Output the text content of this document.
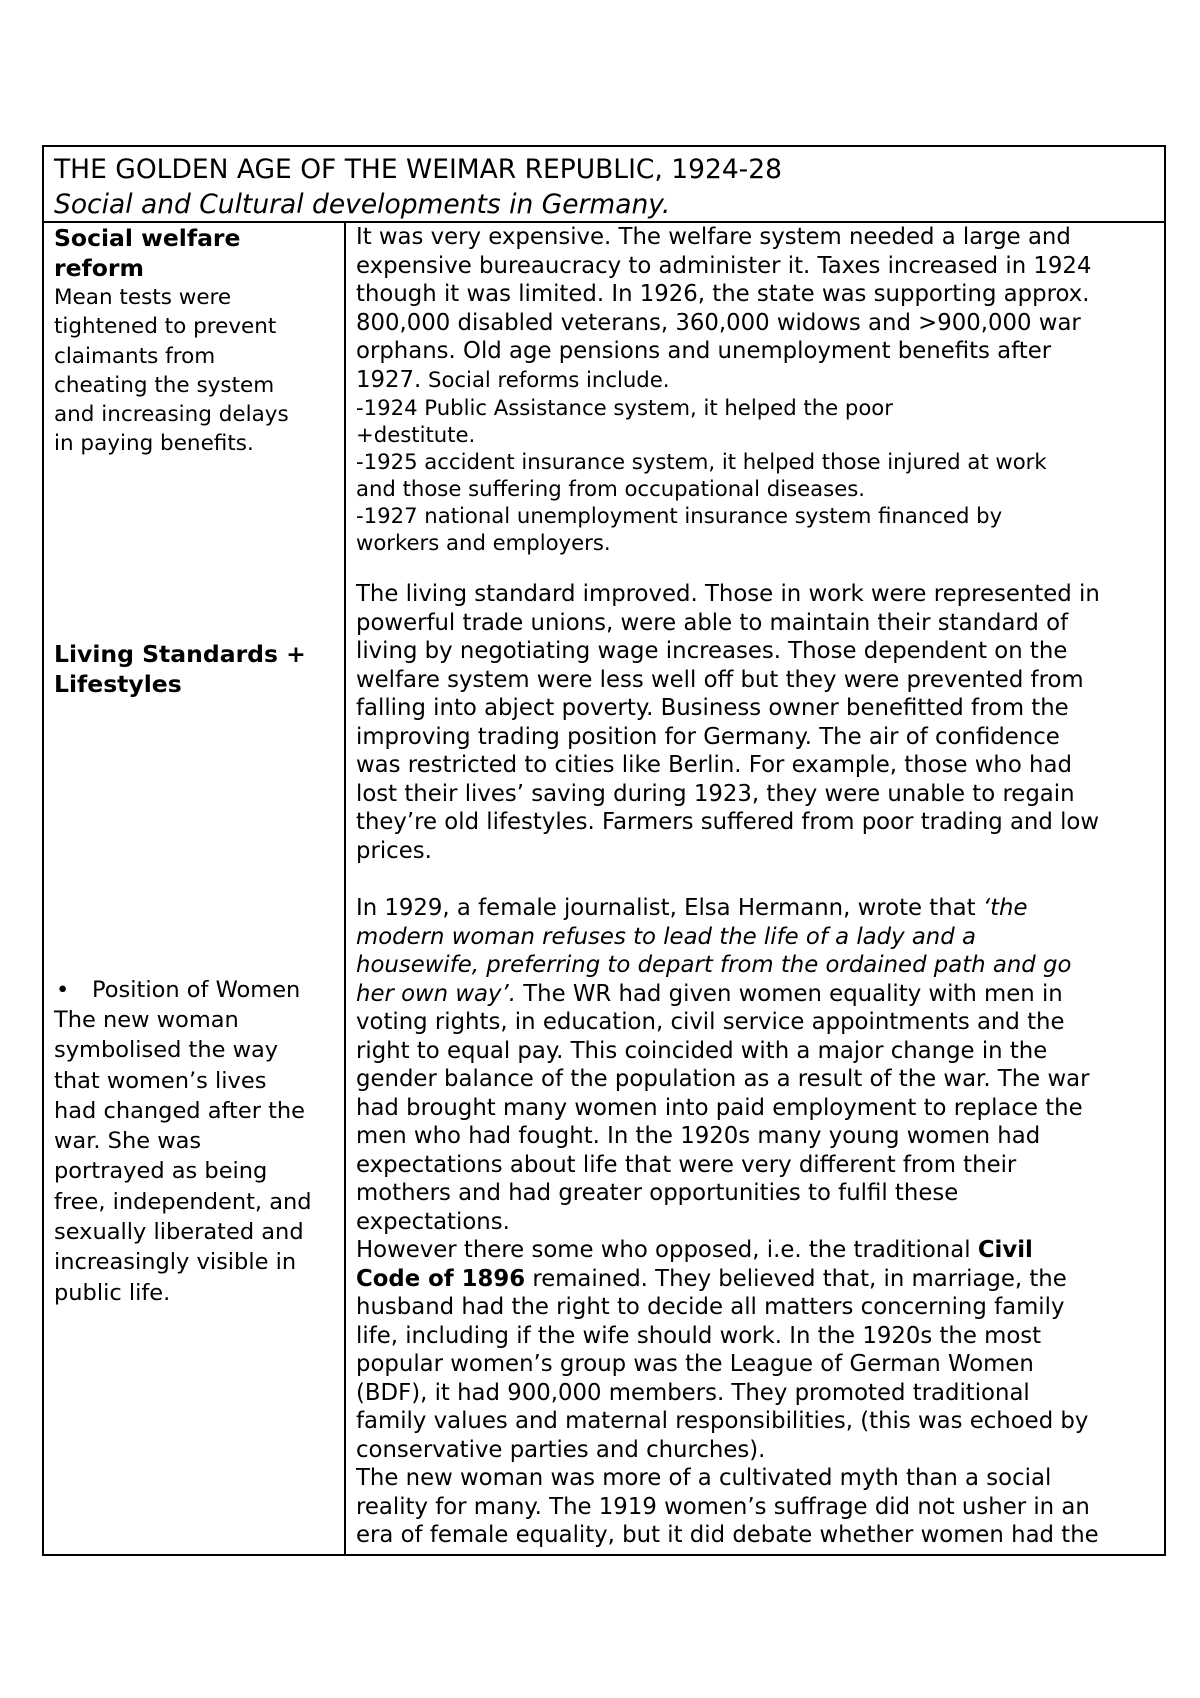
THE GOLDEN AGE OF THE WEIMAR REPUBLIC, 1924-28
Social and Cultural developments in Germany.
Social welfare
reform
Mean tests were
tightened to prevent
claimants from
cheating the system
and increasing delays
in paying benefits.
Living Standards +
Lifestyles
• Position of Women
The new woman
symbolised the way
that women’s lives
had changed after the
war. She was
portrayed as being
free, independent, and
sexually liberated and
increasingly visible in
public life.
It was very expensive. The welfare system needed a large and
expensive bureaucracy to administer it. Taxes increased in 1924
though it was limited. In 1926, the state was supporting approx.
800,000 disabled veterans, 360,000 widows and >900,000 war
orphans. Old age pensions and unemployment benefits after
1927. Social reforms include.
-1924 Public Assistance system, it helped the poor
+destitute.
-1925 accident insurance system, it helped those injured at work
and those suffering from occupational diseases.
-1927 national unemployment insurance system financed by
workers and employers.
The living standard improved. Those in work were represented in
powerful trade unions, were able to maintain their standard of
living by negotiating wage increases. Those dependent on the
welfare system were less well off but they were prevented from
falling into abject poverty. Business owner benefitted from the
improving trading position for Germany. The air of confidence
was restricted to cities like Berlin. For example, those who had
lost their lives’ saving during 1923, they were unable to regain
they’re old lifestyles. Farmers suffered from poor trading and low
prices.
In 1929, a female journalist, Elsa Hermann, wrote that ‘the
modern woman refuses to lead the life of a lady and a
housewife, preferring to depart from the ordained path and go
her own way’. The WR had given women equality with men in
voting rights, in education, civil service appointments and the
right to equal pay. This coincided with a major change in the
gender balance of the population as a result of the war. The war
had brought many women into paid employment to replace the
men who had fought. In the 1920s many young women had
expectations about life that were very different from their
mothers and had greater opportunities to fulfil these
expectations.
However there some who opposed, i.e. the traditional Civil
Code of 1896 remained. They believed that, in marriage, the
husband had the right to decide all matters concerning family
life, including if the wife should work. In the 1920s the most
popular women’s group was the League of German Women
(BDF), it had 900,000 members. They promoted traditional
family values and maternal responsibilities, (this was echoed by
conservative parties and churches).
The new woman was more of a cultivated myth than a social
reality for many. The 1919 women’s suffrage did not usher in an
era of female equality, but it did debate whether women had the
